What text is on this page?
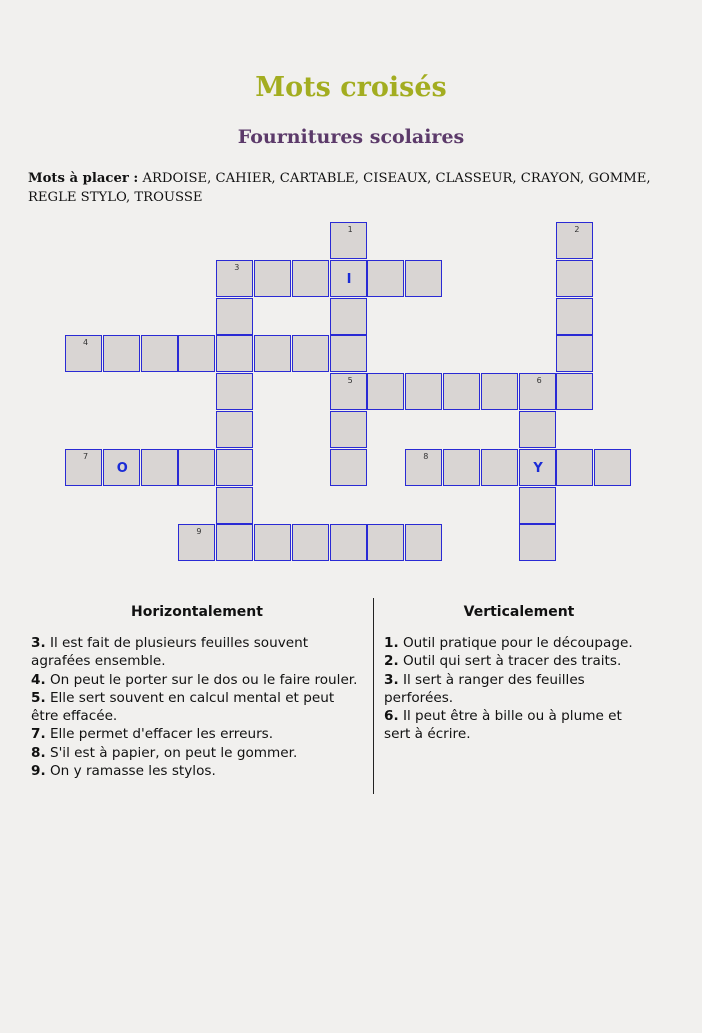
Mots croisés
Fournitures scolaires
Mots à placer : ARDOISE, CAHIER, CARTABLE, CISEAUX, CLASSEUR, CRAYON, GOMME, REGLE STYLO, TROUSSE
1	2
3
I
4
5	6
7
O
8
Y
9
Horizontalement	Verticalement
3. Il est fait de plusieurs feuilles souvent
agrafées ensemble.
4. On peut le porter sur le dos ou le faire rouler.
5. Elle sert souvent en calcul mental et peut
être effacée.
7. Elle permet d'effacer les erreurs.
8. S'il est à papier, on peut le gommer.
9. On y ramasse les stylos.
1. Outil pratique pour le découpage.
2. Outil qui sert à tracer des traits.
3. Il sert à ranger des feuilles
perforées.
6. Il peut être à bille ou à plume et
sert à écrire.
